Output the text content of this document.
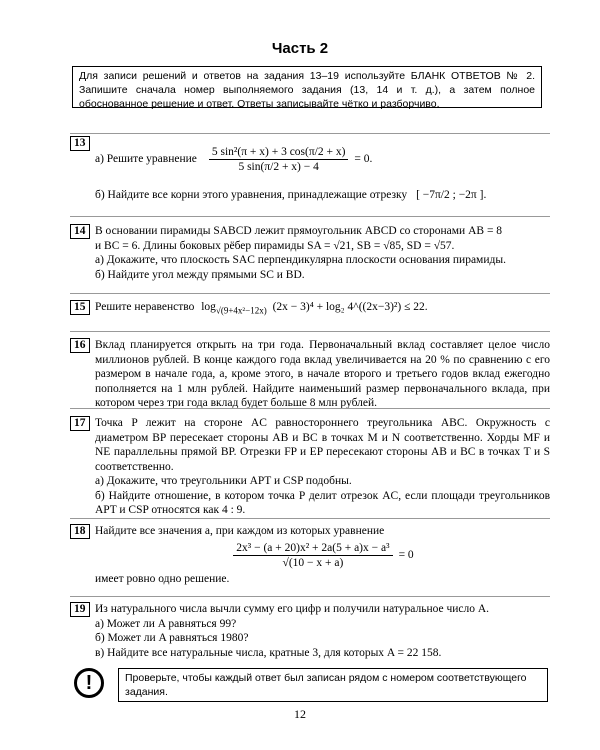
Часть 2
Для записи решений и ответов на задания 13–19 используйте БЛАНК ОТВЕТОВ № 2. Запишите сначала номер выполняемого задания (13, 14 и т. д.), а затем полное обоснованное решение и ответ. Ответы записывайте чётко и разборчиво.
13
а) Решите уравнение $\frac{\text{5 sin²(π + x) + 3 cos(π/2 + x)}}{5 \sin(\pi/2 + x) - 4} = 0$.
б) Найдите все корни этого уравнения, принадлежащие отрезку [ −7π/2 ; −2π ].
14 В основании пирамиды SABCD лежит прямоугольник ABCD со сторонами AB = 8
и BC = 6. Длины боковых рёбер пирамиды SA = √21, SB = √85, SD = √57.
а) Докажите, что плоскость SAC перпендикулярна плоскости основания пирамиды.
б) Найдите угол между прямыми SC и BD.
15 Решите неравенство $\log_{√(9+4x^2-12x)} (2x - 3)^4 + \log_2$ 4^((2x−3)²) ≤ 22.
16 Вклад планируется открыть на три года. Первоначальный вклад составляет целое число миллионов рублей. В конце каждого года вклад увеличивается на 20 % по сравнению с его размером в начале года, а, кроме этого, в начале второго и третьего годов вклад ежегодно пополняется на 1 млн рублей. Найдите наименьший размер первоначального вклада, при котором через три года вклад будет больше 8 млн рублей.
17 Точка P лежит на стороне AC равностороннего треугольника ABC. Окружность с диаметром BP пересекает стороны AB и BC в точках M и N соответственно. Хорды MF и NE параллельны прямой BP. Отрезки FP и EP пересекают стороны AB и BC в точках T и S соответственно.
а) Докажите, что треугольники APT и CSP подобны.
б) Найдите отношение, в котором точка P делит отрезок AC, если площади треугольников APT и CSP относятся как 4 : 9.
18 Найдите все значения a, при каждом из которых уравнение
$\frac{\text{2x³ − (a + 20)x² + 2a(5 + a)x − a³}}{√(10 - x + a)} = 0$
имеет ровно одно решение.
19 Из натурального числа вычли сумму его цифр и получили натуральное число A.
а) Может ли A равняться 99?
б) Может ли A равняться 1980?
в) Найдите все натуральные числа, кратные 3, для которых A = 22 158.
!	Проверьте, чтобы каждый ответ был записан рядом с номером соответствующего задания.
12
